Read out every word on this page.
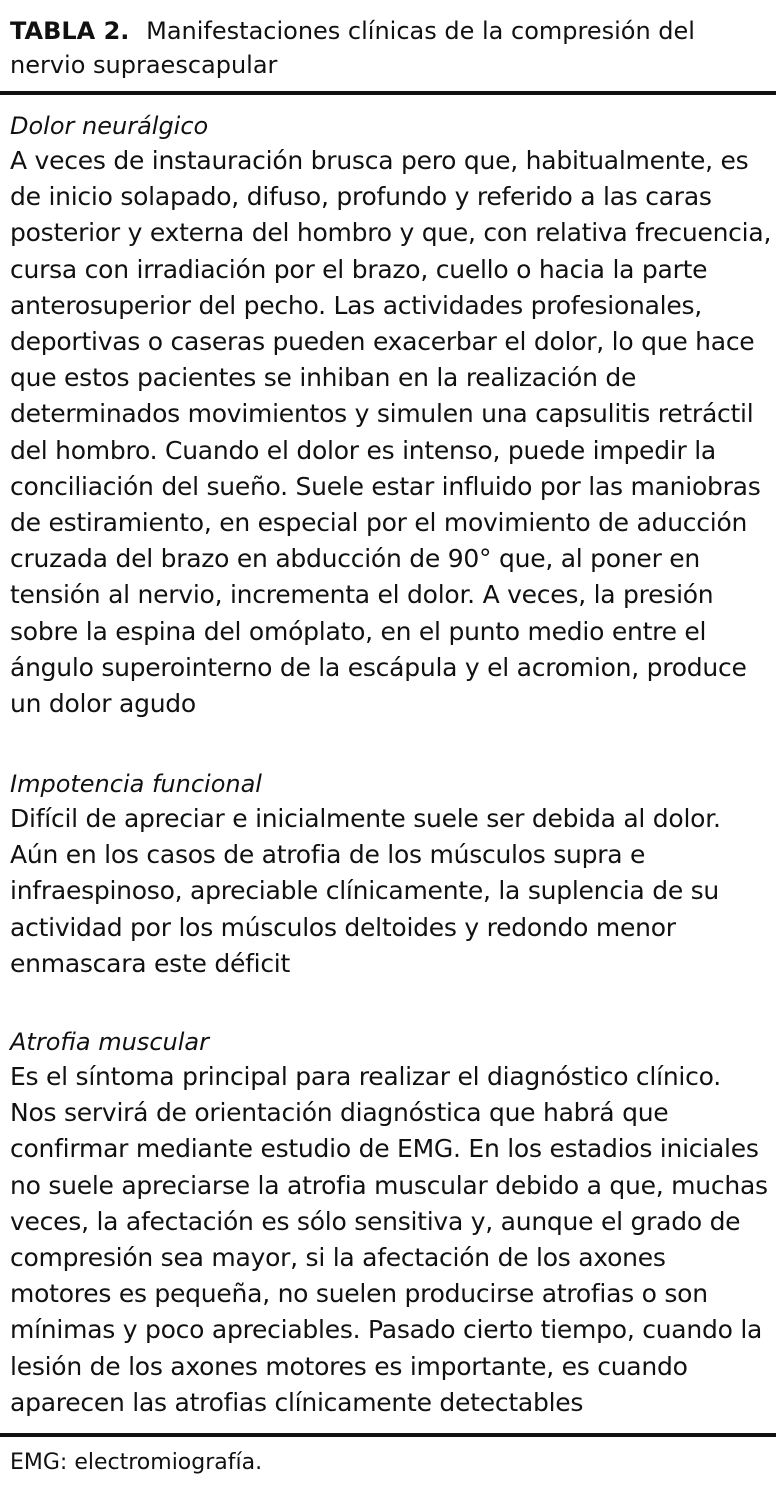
TABLA 2. Manifestaciones clínicas de la compresión del nervio supraescapular
Dolor neurálgico

A veces de instauración brusca pero que, habitualmente, es de inicio solapado, difuso, profundo y referido a las caras posterior y externa del hombro y que, con relativa frecuencia, cursa con irradiación por el brazo, cuello o hacia la parte anterosuperior del pecho. Las actividades profesionales, deportivas o caseras pueden exacerbar el dolor, lo que hace que estos pacientes se inhiban en la realización de determinados movimientos y simulen una capsulitis retráctil del hombro. Cuando el dolor es intenso, puede impedir la conciliación del sueño. Suele estar influido por las maniobras de estiramiento, en especial por el movimiento de aducción cruzada del brazo en abducción de 90° que, al poner en tensión al nervio, incrementa el dolor. A veces, la presión sobre la espina del omóplato, en el punto medio entre el ángulo superointerno de la escápula y el acromion, produce un dolor agudo

Impotencia funcional

Difícil de apreciar e inicialmente suele ser debida al dolor. Aún en los casos de atrofia de los músculos supra e infraespinoso, apreciable clínicamente, la suplencia de su actividad por los músculos deltoides y redondo menor enmascara este déficit

Atrofia muscular

Es el síntoma principal para realizar el diagnóstico clínico. Nos servirá de orientación diagnóstica que habrá que confirmar mediante estudio de EMG. En los estadios iniciales no suele apreciarse la atrofia muscular debido a que, muchas veces, la afectación es sólo sensitiva y, aunque el grado de compresión sea mayor, si la afectación de los axones motores es pequeña, no suelen producirse atrofias o son mínimas y poco apreciables. Pasado cierto tiempo, cuando la lesión de los axones motores es importante, es cuando aparecen las atrofias clínicamente detectables

EMG: electromiografía.
